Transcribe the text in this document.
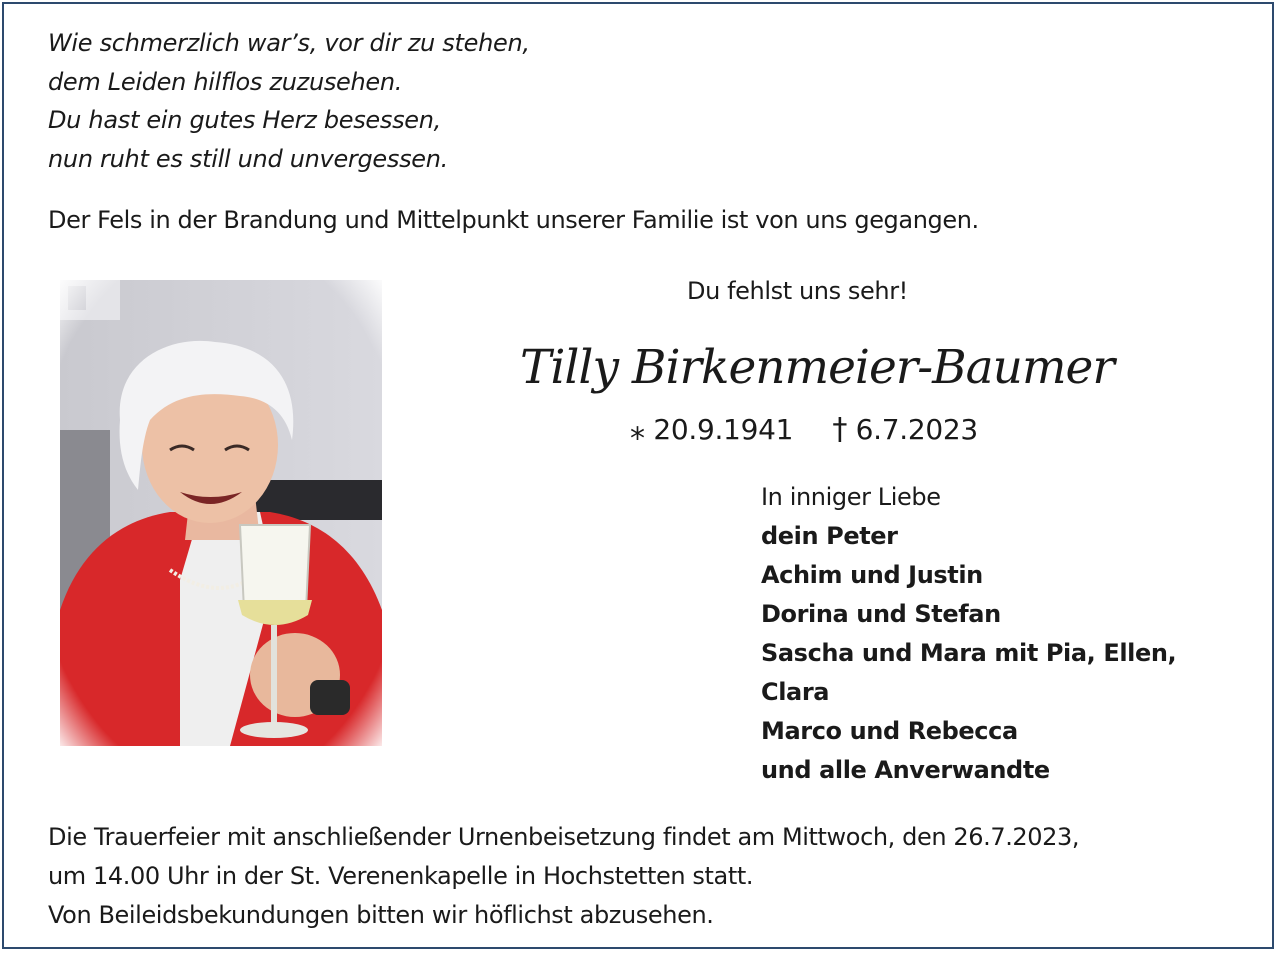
Wie schmerzlich war’s, vor dir zu stehen,
dem Leiden hilflos zuzusehen.
Du hast ein gutes Herz besessen,
nun ruht es still und unvergessen.
Der Fels in der Brandung und Mittelpunkt unserer Familie ist von uns gegangen.
Du fehlst uns sehr!
Tilly Birkenmeier-Baumer
⁎ 20.9.1941 † 6.7.2023
In inniger Liebe
dein Peter
Achim und Justin
Dorina und Stefan
Sascha und Mara mit Pia, Ellen,
Clara
Marco und Rebecca
und alle Anverwandte
Die Trauerfeier mit anschließender Urnenbeisetzung findet am Mittwoch, den 26.7.2023,
um 14.00 Uhr in der St. Verenenkapelle in Hochstetten statt.
Von Beileidsbekundungen bitten wir höflichst abzusehen.
